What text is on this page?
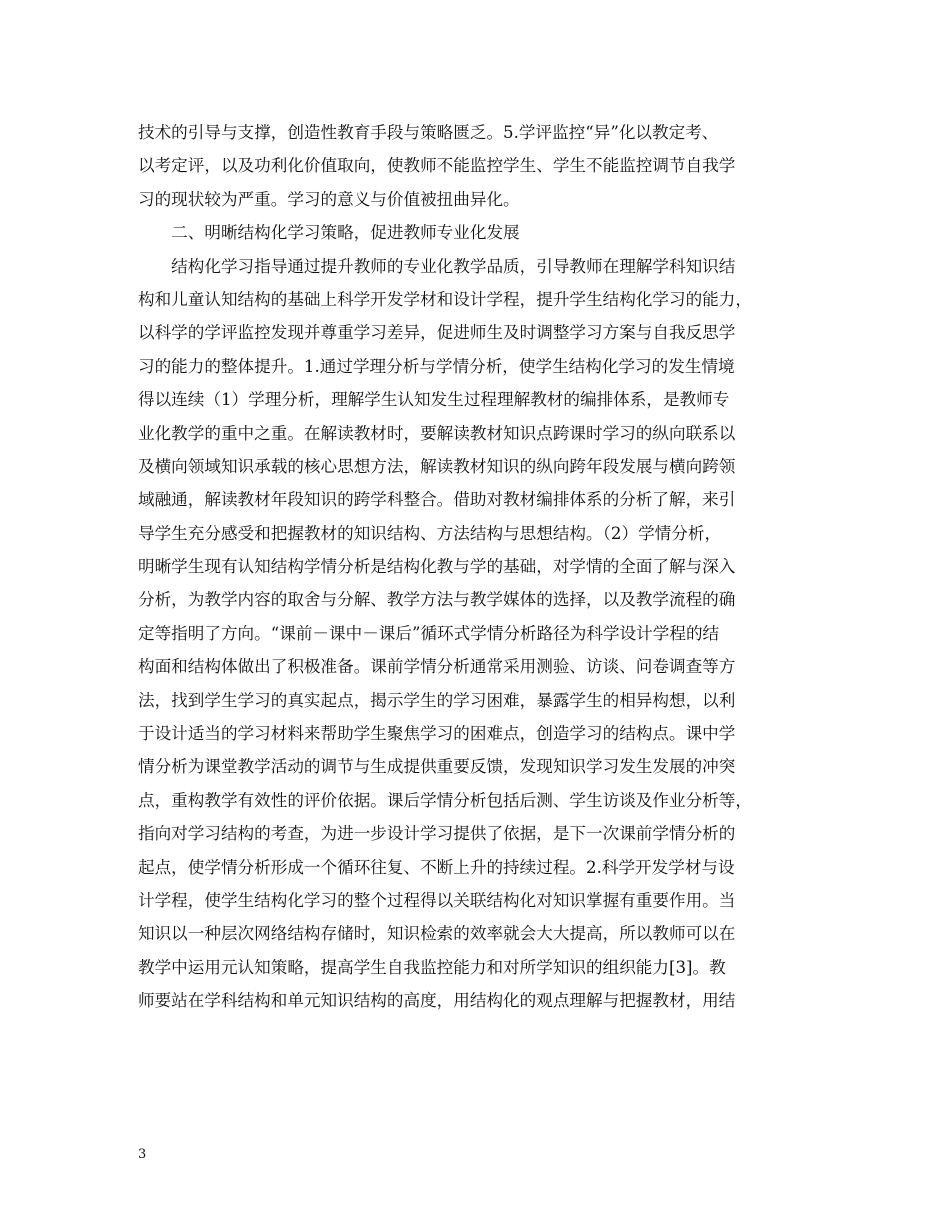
技术的引导与支撑，创造性教育手段与策略匮乏。5.学评监控“异”化以教定考、
以考定评，以及功利化价值取向，使教师不能监控学生、学生不能监控调节自我学
习的现状较为严重。学习的意义与价值被扭曲异化。
　　二、明晰结构化学习策略，促进教师专业化发展
　　结构化学习指导通过提升教师的专业化教学品质，引导教师在理解学科知识结
构和儿童认知结构的基础上科学开发学材和设计学程，提升学生结构化学习的能力，
以科学的学评监控发现并尊重学习差异，促进师生及时调整学习方案与自我反思学
习的能力的整体提升。1.通过学理分析与学情分析，使学生结构化学习的发生情境
得以连续（1）学理分析，理解学生认知发生过程理解教材的编排体系，是教师专
业化教学的重中之重。在解读教材时，要解读教材知识点跨课时学习的纵向联系以
及横向领域知识承载的核心思想方法，解读教材知识的纵向跨年段发展与横向跨领
域融通，解读教材年段知识的跨学科整合。借助对教材编排体系的分析了解，来引
导学生充分感受和把握教材的知识结构、方法结构与思想结构。（2）学情分析，
明晰学生现有认知结构学情分析是结构化教与学的基础，对学情的全面了解与深入
分析，为教学内容的取舍与分解、教学方法与教学媒体的选择，以及教学流程的确
定等指明了方向。“课前－课中－课后”循环式学情分析路径为科学设计学程的结
构面和结构体做出了积极准备。课前学情分析通常采用测验、访谈、问卷调查等方
法，找到学生学习的真实起点，揭示学生的学习困难，暴露学生的相异构想，以利
于设计适当的学习材料来帮助学生聚焦学习的困难点，创造学习的结构点。课中学
情分析为课堂教学活动的调节与生成提供重要反馈，发现知识学习发生发展的冲突
点，重构教学有效性的评价依据。课后学情分析包括后测、学生访谈及作业分析等，
指向对学习结构的考查，为进一步设计学习提供了依据，是下一次课前学情分析的
起点，使学情分析形成一个循环往复、不断上升的持续过程。2.科学开发学材与设
计学程，使学生结构化学习的整个过程得以关联结构化对知识掌握有重要作用。当
知识以一种层次网络结构存储时，知识检索的效率就会大大提高，所以教师可以在
教学中运用元认知策略，提高学生自我监控能力和对所学知识的组织能力[3]。教
师要站在学科结构和单元知识结构的高度，用结构化的观点理解与把握教材，用结
3
